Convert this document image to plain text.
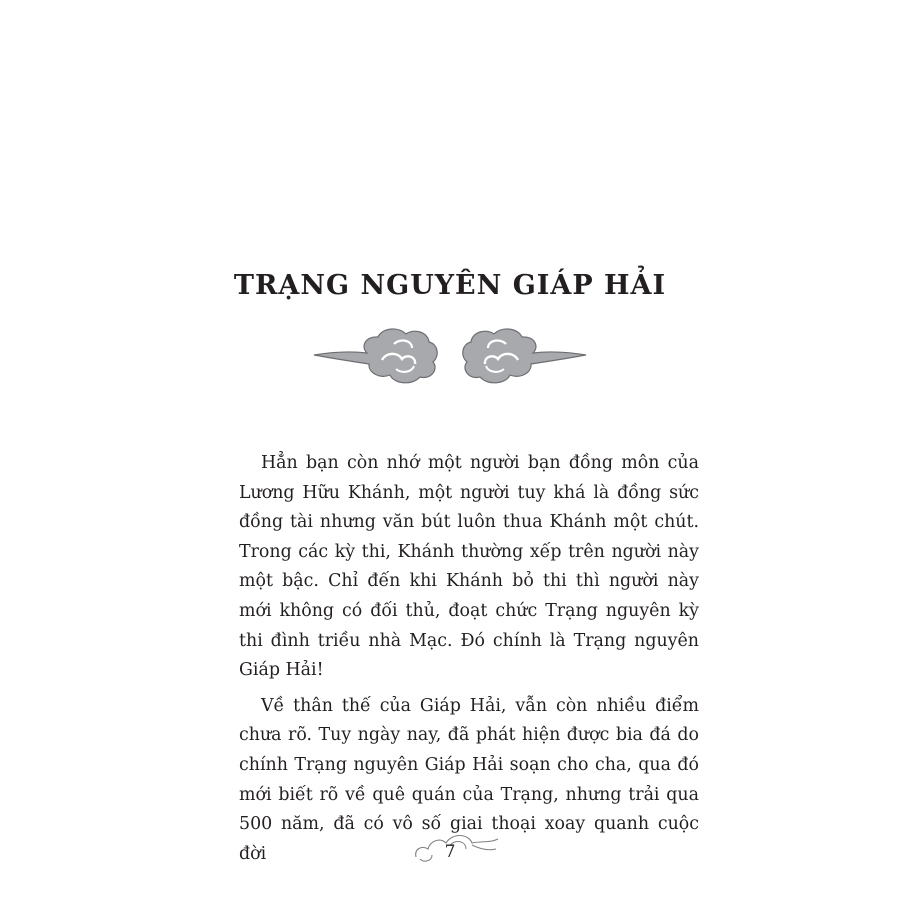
TRẠNG NGUYÊN GIÁP HẢI

Hẳn bạn còn nhớ một người bạn đồng môn của Lương Hữu Khánh, một người tuy khá là đồng sức đồng tài nhưng văn bút luôn thua Khánh một chút. Trong các kỳ thi, Khánh thường xếp trên người này một bậc. Chỉ đến khi Khánh bỏ thi thì người này mới không có đối thủ, đoạt chức Trạng nguyên kỳ thi đình triều nhà Mạc. Đó chính là Trạng nguyên Giáp Hải!

Về thân thế của Giáp Hải, vẫn còn nhiều điểm chưa rõ. Tuy ngày nay, đã phát hiện được bia đá do chính Trạng nguyên Giáp Hải soạn cho cha, qua đó mới biết rõ về quê quán của Trạng, nhưng trải qua 500 năm, đã có vô số giai thoại xoay quanh cuộc đời	7
